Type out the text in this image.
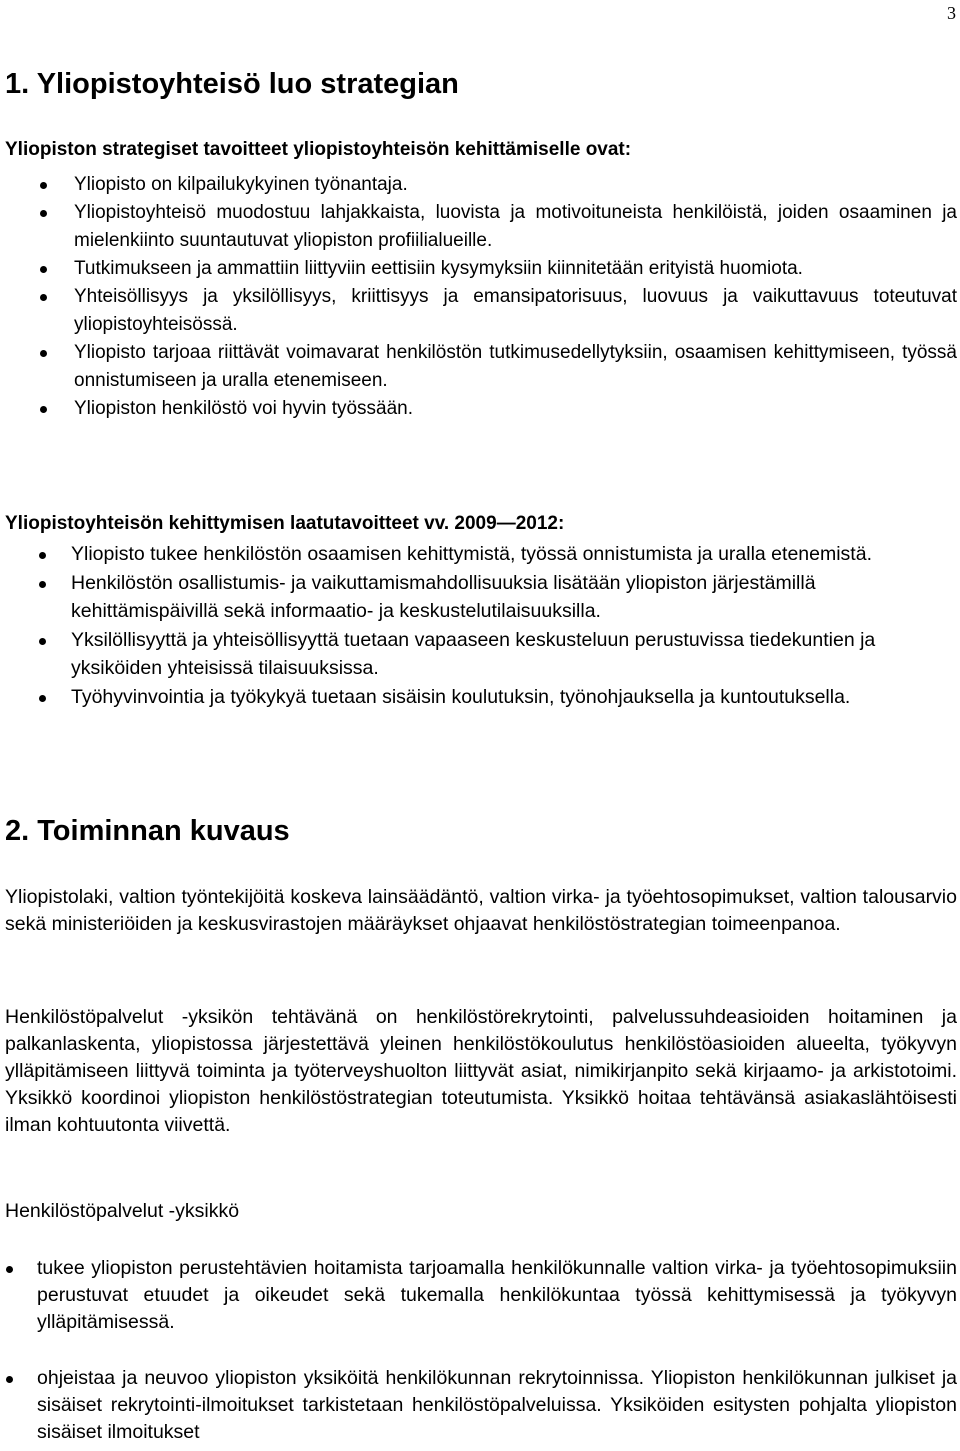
3
1. Yliopistoyhteisö luo strategian

Yliopiston strategiset tavoitteet yliopistoyhteisön kehittämiselle ovat:

Yliopisto on kilpailukykyinen työnantaja.
Yliopistoyhteisö muodostuu lahjakkaista, luovista ja motivoituneista henkilöistä, joiden osaaminen ja mielenkiinto suuntautuvat yliopiston profiilialueille.
Tutkimukseen ja ammattiin liittyviin eettisiin kysymyksiin kiinnitetään erityistä huomiota.
Yhteisöllisyys ja yksilöllisyys, kriittisyys ja emansipatorisuus, luovuus ja vaikuttavuus toteutuvat yliopistoyhteisössä.
Yliopisto tarjoaa riittävät voimavarat henkilöstön tutkimusedellytyksiin, osaamisen kehittymiseen, työssä onnistumiseen ja uralla etenemiseen.
Yliopiston henkilöstö voi hyvin työssään.

Yliopistoyhteisön kehittymisen laatutavoitteet vv. 2009—2012:

Yliopisto tukee henkilöstön osaamisen kehittymistä, työssä onnistumista ja uralla etenemistä.
Henkilöstön osallistumis- ja vaikuttamismahdollisuuksia lisätään yliopiston järjestämillä kehittämispäivillä sekä informaatio- ja keskustelutilaisuuksilla.
Yksilöllisyyttä ja yhteisöllisyyttä tuetaan vapaaseen keskusteluun perustuvissa tiedekuntien ja yksiköiden yhteisissä tilaisuuksissa.
Työhyvinvointia ja työkykyä tuetaan sisäisin koulutuksin, työnohjauksella ja kuntoutuksella.
2. Toiminnan kuvaus

Yliopistolaki, valtion työntekijöitä koskeva lainsäädäntö, valtion virka- ja työehtosopimukset, valtion talousarvio sekä ministeriöiden ja keskusvirastojen määräykset ohjaavat henkilöstöstrategian toimeenpanoa.

Henkilöstöpalvelut -yksikön tehtävänä on henkilöstörekrytointi, palvelussuhdeasioiden hoitaminen ja palkanlaskenta, yliopistossa järjestettävä yleinen henkilöstökoulutus henkilöstöasioiden alueelta, työkyvyn ylläpitämiseen liittyvä toiminta ja työterveyshuolton liittyvät asiat, nimikirjanpito sekä kirjaamo- ja arkistotoimi. Yksikkö koordinoi yliopiston henkilöstöstrategian toteutumista. Yksikkö hoitaa tehtävänsä asiakaslähtöisesti ilman kohtuutonta viivettä.

Henkilöstöpalvelut -yksikkö

tukee yliopiston perustehtävien hoitamista tarjoamalla henkilökunnalle valtion virka- ja työehtosopimuksiin perustuvat etuudet ja oikeudet sekä tukemalla henkilökuntaa työssä kehittymisessä ja työkyvyn ylläpitämisessä.
ohjeistaa ja neuvoo yliopiston yksiköitä henkilökunnan rekrytoinnissa. Yliopiston henkilökunnan julkiset ja sisäiset rekrytointi-ilmoitukset tarkistetaan henkilöstöpalveluissa. Yksiköiden esitysten pohjalta yliopiston sisäiset ilmoitukset
